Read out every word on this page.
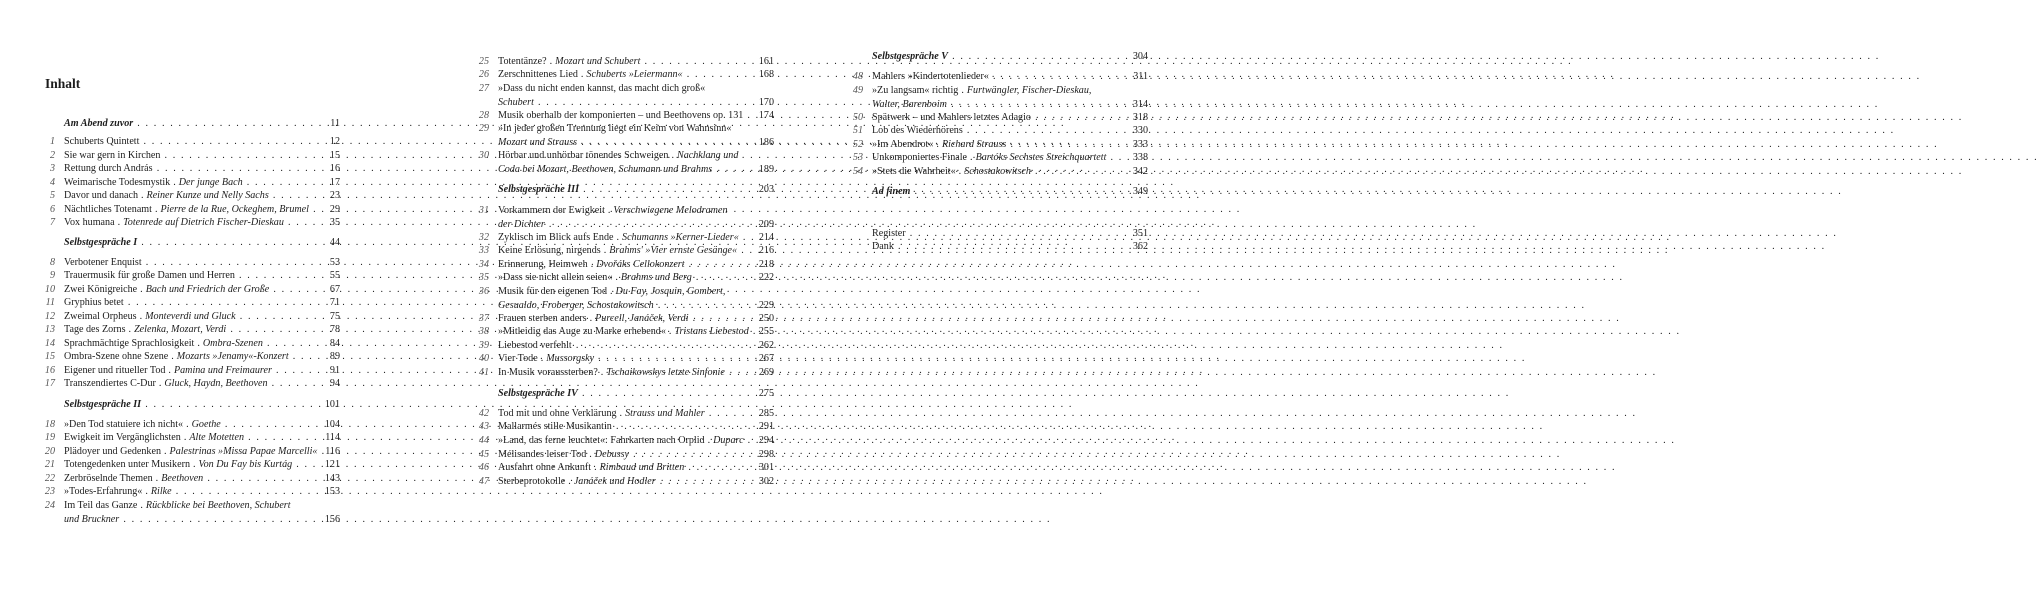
Inhalt
Am Abend zuvor . . .	11
1 Schuberts Quintett . . .	12
2 Sie war gern in Kirchen . . .	15
3 Rettung durch András . . .	16
4 Weimarische Todesmystik . Der junge Bach . . .	17
5 Davor und danach . Reiner Kunze und Nelly Sachs . . .	23
6 Nächtliches Totenamt . Pierre de la Rue, Ockeghem, Brumel . . .	29
7 Vox humana . Totenrede auf Dietrich Fischer-Dieskau . . .	35
Selbstgespräche I . . .	44
8 Verbotener Enquist . . .	53
9 Trauermusik für große Damen und Herren . . .	55
10 Zwei Königreiche . Bach und Friedrich der Große . . .	67
11 Gryphius betet . . .	71
12 Zweimal Orpheus . Monteverdi und Gluck . . .	75
13 Tage des Zorns . Zelenka, Mozart, Verdi . . .	78
14 Sprachmächtige Sprachlosigkeit . Ombra-Szenen . . .	84
15 Ombra-Szene ohne Szene . Mozarts »Jenamy«-Konzert . . .	89
16 Eigener und ritueller Tod . Pamina und Freimaurer . . .	91
17 Transzendiertes C-Dur . Gluck, Haydn, Beethoven . . .	94
Selbstgespräche II . . .	101
18 »Den Tod statuiere ich nicht« . Goethe . . .	104
19 Ewigkeit im Vergänglichsten . Alte Motetten . . .	114
20 Plädoyer und Gedenken . Palestrinas »Missa Papae Marcelli« . . . 116
21 Totengedenken unter Musikern . Von Du Fay bis Kurtág . . .	121
22 Zerbröselnde Themen . Beethoven . . .	143
23 »Todes-Erfahrung« . Rilke . . .	153
24 Im Teil das Ganze . Rückblicke bei Beethoven, Schubert
und Bruckner . . .	156
25 Totentänze? . Mozart und Schubert . . .	161
26 Zerschnittenes Lied . Schuberts »Leiermann« . . .	168
27 »Dass du nicht enden kannst, das macht dich groß«
Schubert . . .	170
28 Musik oberhalb der komponierten – und Beethovens op. 131 . . .	174
29 »In jeder großen Trennung liegt ein Keim von Wahnsinn«
Mozart und Strauss . . .	186
30 Hörbar und unhörbar tönendes Schweigen . Nachklang und
Coda bei Mozart, Beethoven, Schumann und Brahms . . .	189
Selbstgespräche III . . .	203
31 Vorkammern der Ewigkeit . Verschwiegene Melodramen
der Dichter . . .	209
32 Zyklisch im Blick aufs Ende . Schumanns »Kerner-Lieder« . . .	214
33 Keine Erlösung, nirgends . Brahms' »Vier ernste Gesänge« . . .	216
34 Erinnerung, Heimweh . Dvořáks Cellokonzert . . .	218
35 »Dass sie nicht allein seien« . Brahms und Berg . . .	222
36 Musik für den eigenen Tod . Du Fay, Josquin, Gombert,
Gesualdo, Froberger, Schostakowitsch . . .	229
37 Frauen sterben anders . Purcell, Janáček, Verdi . . .	250
38 »Mitleidig das Auge zu Marke erhebend« . Tristans Liebestod . . . 255
39 Liebestod verfehlt . . .	262
40 Vier Tode . Mussorgsky . . .	267
41 In Musik voraussterben? . Tschaikowskys letzte Sinfonie . . .	269
Selbstgespräche IV . . .	275
42 Tod mit und ohne Verklärung . Strauss und Mahler . . .	285
43 Mallarmés stille Musikantin . . .	291
44 »Land, das ferne leuchtet«: Fahrkarten nach Orplid . Duparc . . .	294
45 Mélisandes leiser Tod . Debussy . . .	298
46 Ausfahrt ohne Ankunft . Rimbaud und Britten . . .	301
47 Sterbeprotokolle . Janáček und Hodler . . .	302
Selbstgespräche V . . .	304
48 Mahlers »Kindertotenlieder« . . .	311
49 »Zu langsam« richtig . Furtwängler, Fischer-Dieskau,
Walter, Barenboim . . .	314
50 Spätwerk – und Mahlers letztes Adagio . . .	318
51 Lob des Wiederhörens . . .	330
52 »Im Abendrot« . Richard Strauss . . .	333
53 Unkomponiertes Finale . Bartóks Sechstes Streichquartett . . .	338
54 »Stets die Wahrheit« . Schostakowitsch . . .	342
Ad finem . . .	349
Register . . .	351
Dank . . .	362
